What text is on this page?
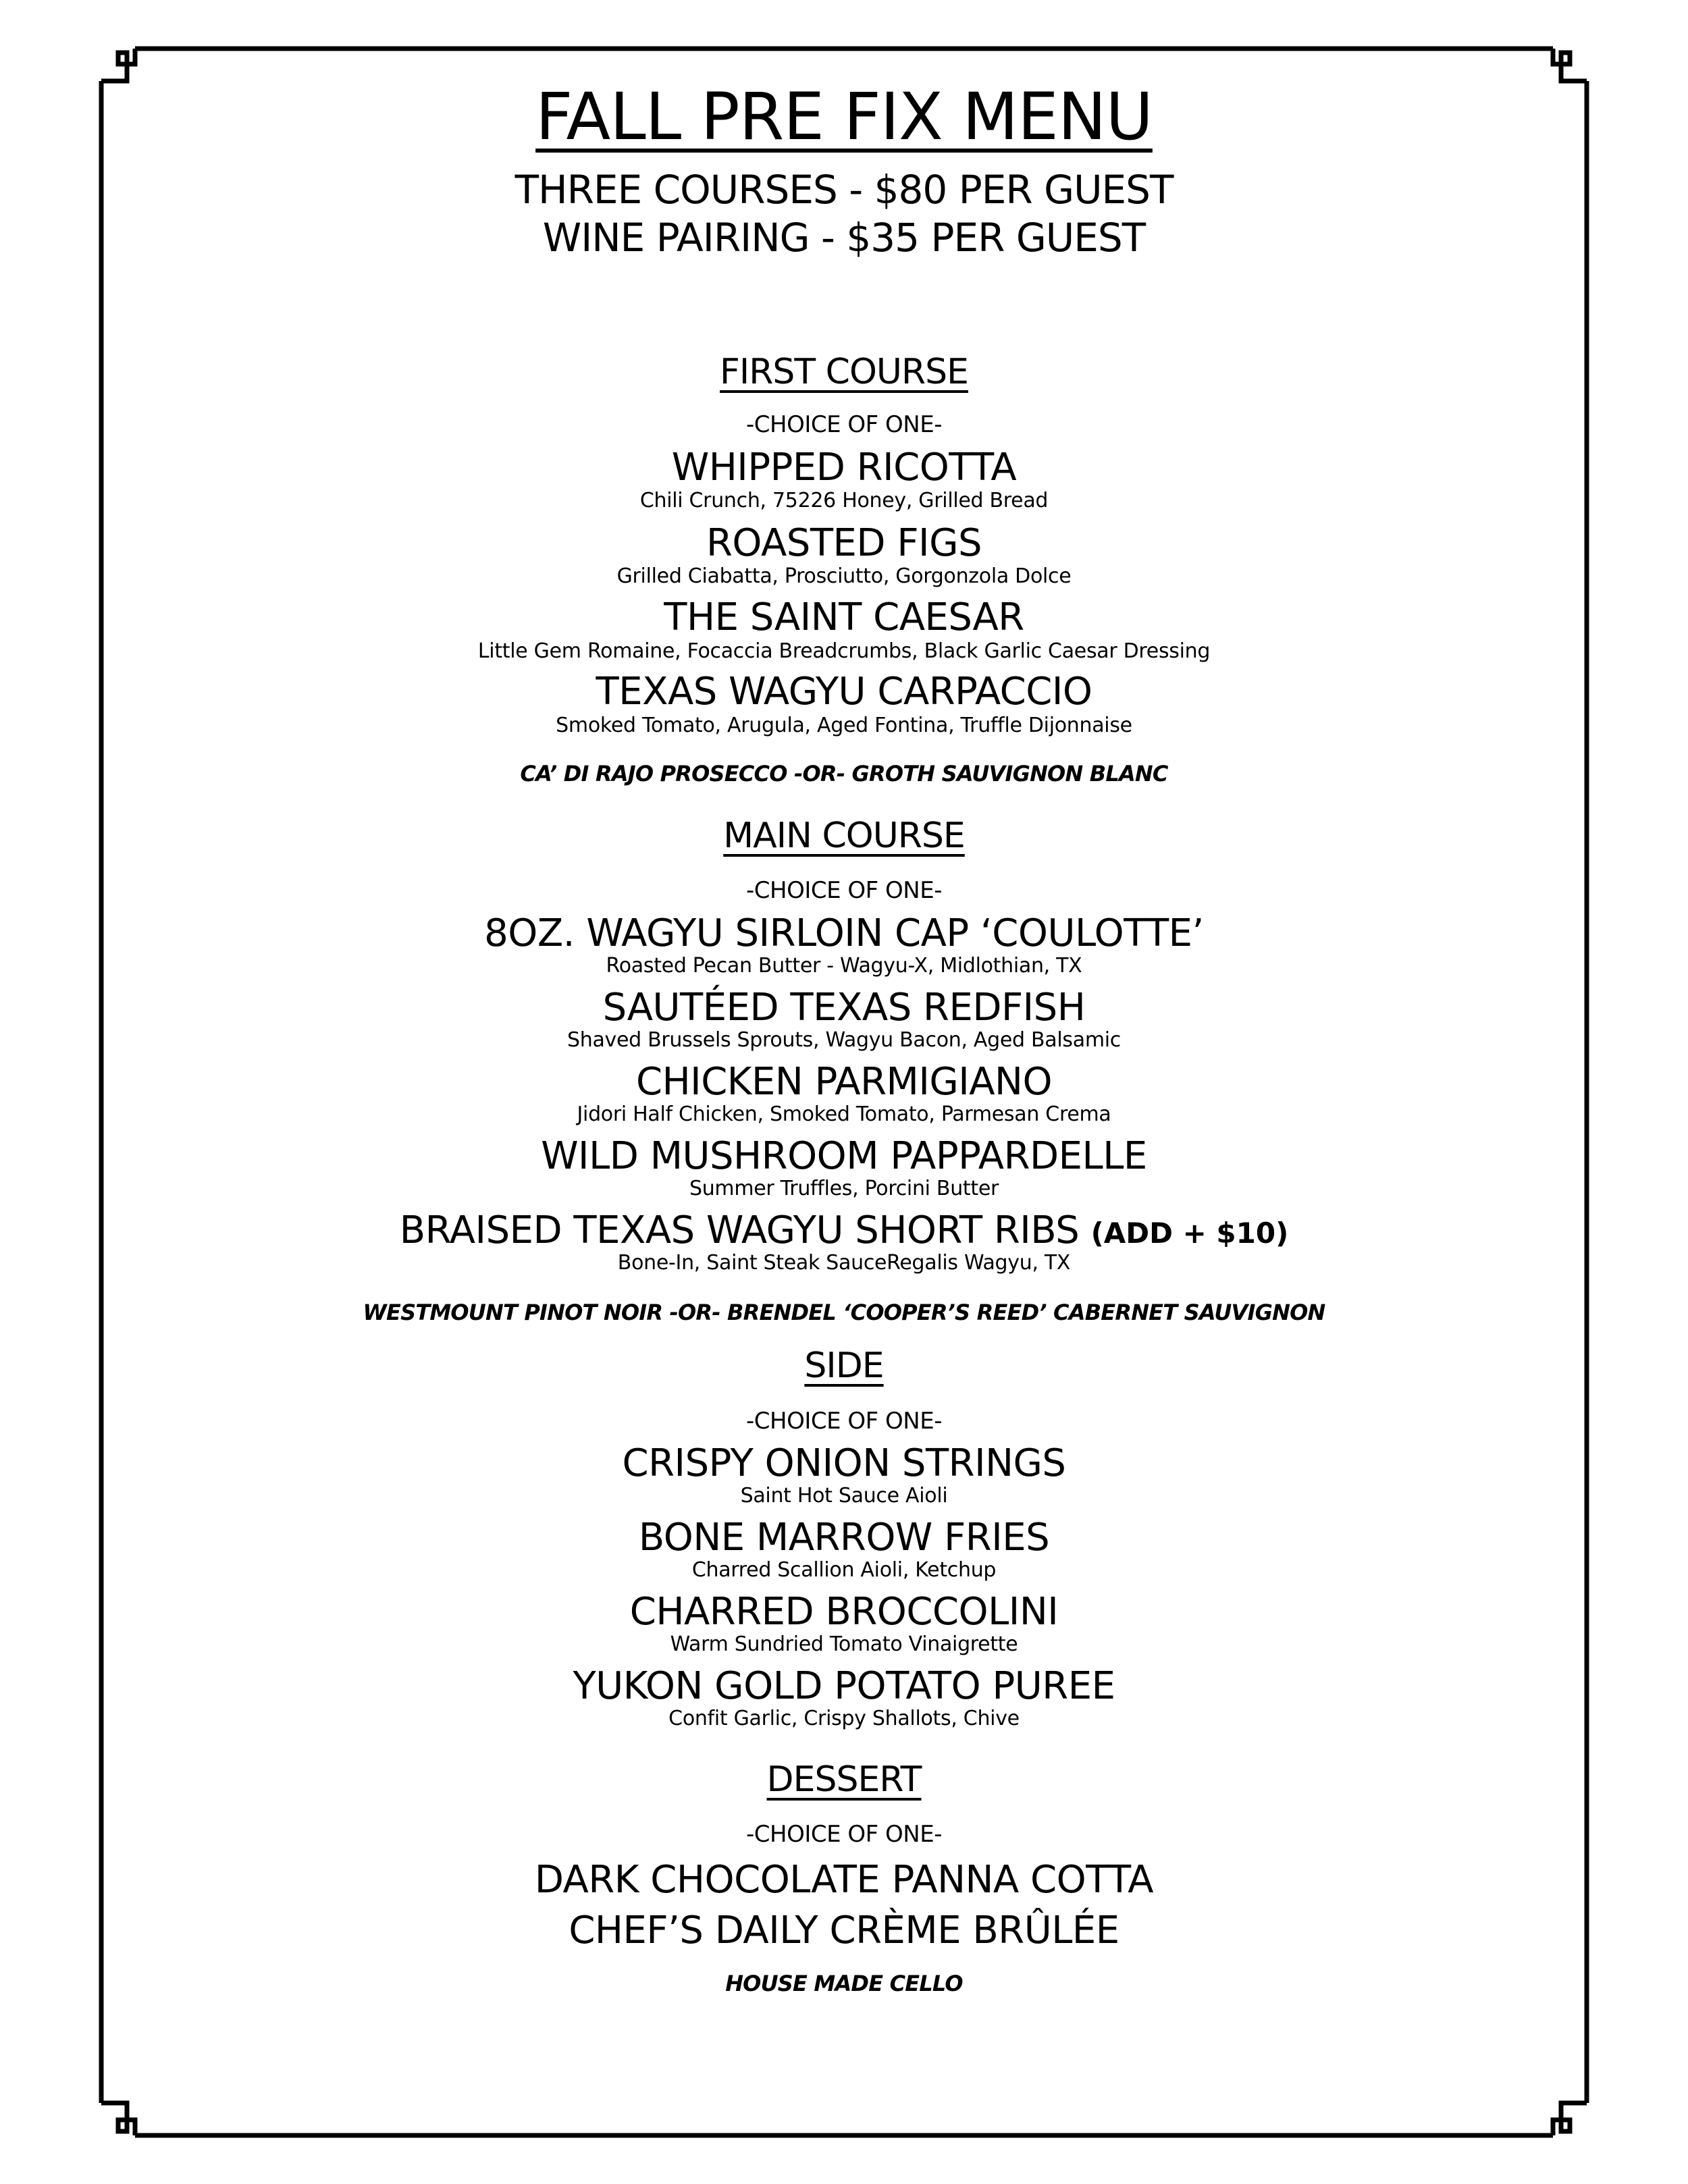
FALL PRE FIX MENU
THREE COURSES - $80 PER GUEST
WINE PAIRING - $35 PER GUEST
FIRST COURSE
-CHOICE OF ONE-
WHIPPED RICOTTA
Chili Crunch, 75226 Honey, Grilled Bread
ROASTED FIGS
Grilled Ciabatta, Prosciutto, Gorgonzola Dolce
THE SAINT CAESAR
Little Gem Romaine, Focaccia Breadcrumbs, Black Garlic Caesar Dressing
TEXAS WAGYU CARPACCIO
Smoked Tomato, Arugula, Aged Fontina, Truffle Dijonnaise
CA’ DI RAJO PROSECCO -OR- GROTH SAUVIGNON BLANC
MAIN COURSE
-CHOICE OF ONE-
8OZ. WAGYU SIRLOIN CAP ‘COULOTTE’
Roasted Pecan Butter - Wagyu-X, Midlothian, TX
SAUTÉED TEXAS REDFISH
Shaved Brussels Sprouts, Wagyu Bacon, Aged Balsamic
CHICKEN PARMIGIANO
Jidori Half Chicken, Smoked Tomato, Parmesan Crema
WILD MUSHROOM PAPPARDELLE
Summer Truffles, Porcini Butter
BRAISED TEXAS WAGYU SHORT RIBS (ADD + $10)
Bone-In, Saint Steak SauceRegalis Wagyu, TX
WESTMOUNT PINOT NOIR -OR- BRENDEL ‘COOPER’S REED’ CABERNET SAUVIGNON
SIDE
-CHOICE OF ONE-
CRISPY ONION STRINGS
Saint Hot Sauce Aioli
BONE MARROW FRIES
Charred Scallion Aioli, Ketchup
CHARRED BROCCOLINI
Warm Sundried Tomato Vinaigrette
YUKON GOLD POTATO PUREE
Confit Garlic, Crispy Shallots, Chive
DESSERT
-CHOICE OF ONE-
DARK CHOCOLATE PANNA COTTA
CHEF’S DAILY CRÈME BRÛLÉE
HOUSE MADE CELLO
